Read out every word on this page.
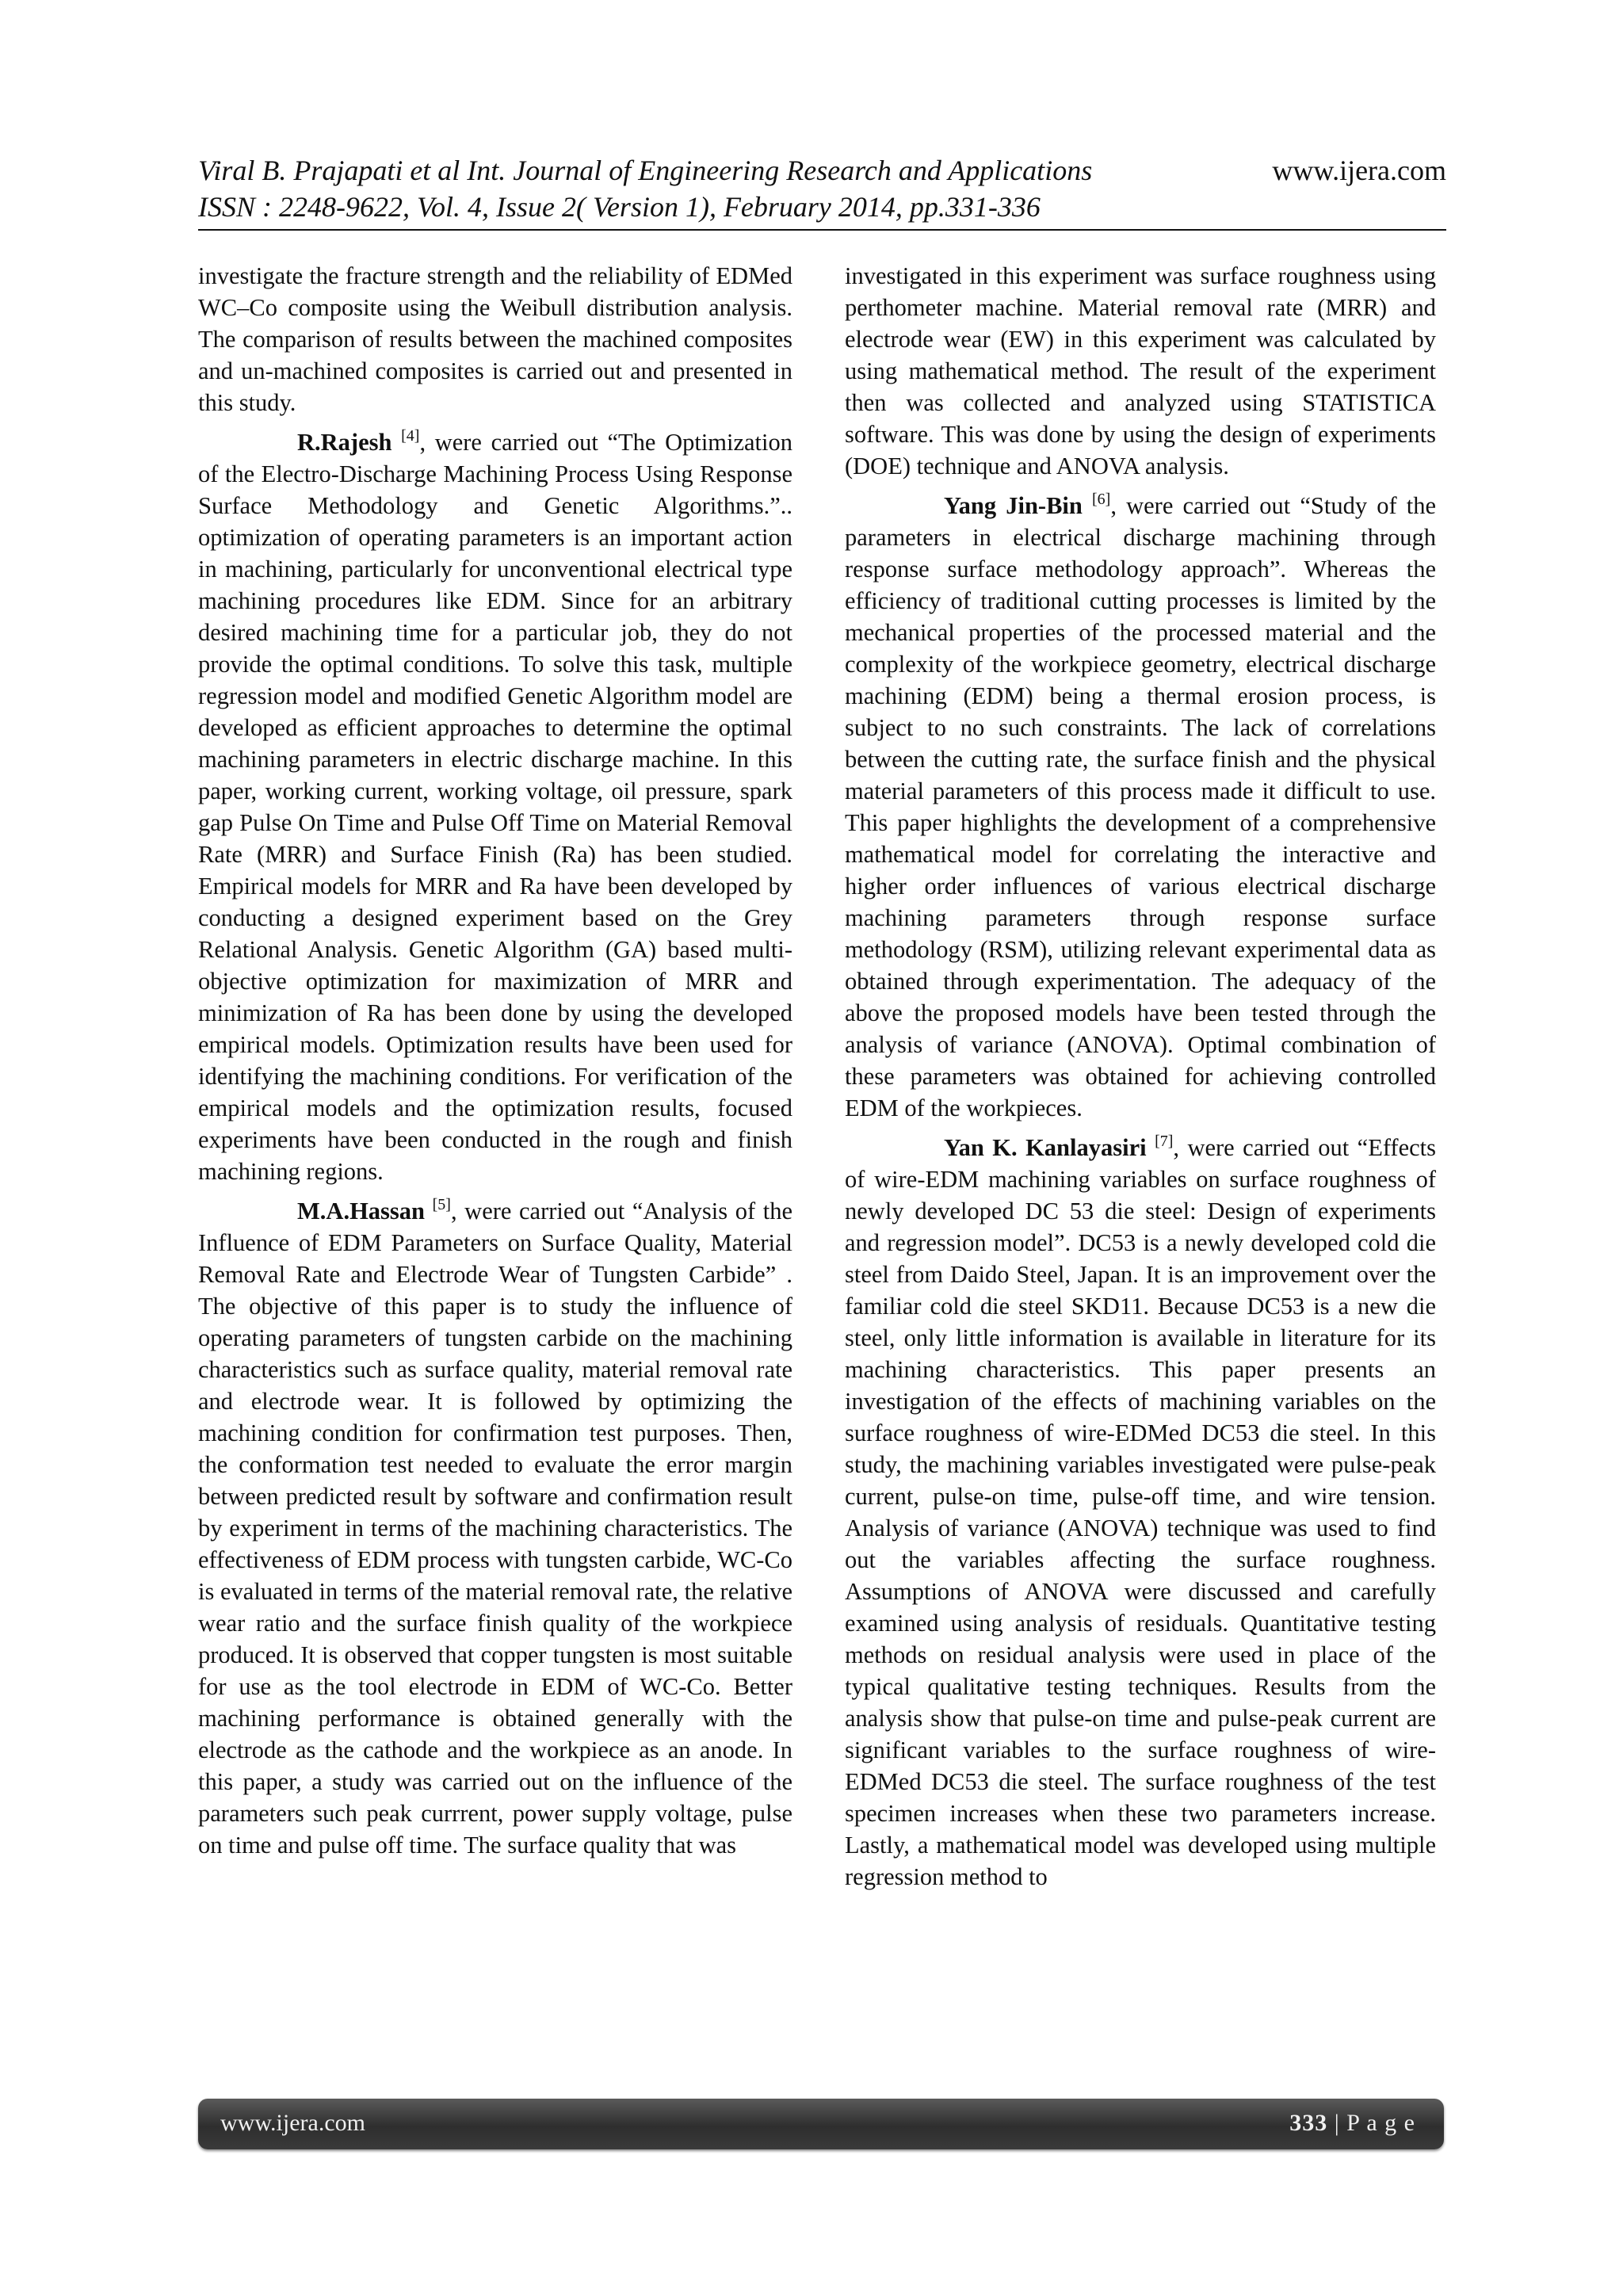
Viral B. Prajapati et al Int. Journal of Engineering Research and Applications	www.ijera.com
ISSN : 2248-9622, Vol. 4, Issue 2( Version 1), February 2014, pp.331-336

investigate the fracture strength and the reliability of EDMed WC–Co composite using the Weibull distribution analysis. The comparison of results between the machined composites and un-machined composites is carried out and presented in this study.

R.Rajesh [4], were carried out “The Optimization of the Electro-Discharge Machining Process Using Response Surface Methodology and Genetic Algorithms.”.. optimization of operating parameters is an important action in machining, particularly for unconventional electrical type machining procedures like EDM. Since for an arbitrary desired machining time for a particular job, they do not provide the optimal conditions. To solve this task, multiple regression model and modified Genetic Algorithm model are developed as efficient approaches to determine the optimal machining parameters in electric discharge machine. In this paper, working current, working voltage, oil pressure, spark gap Pulse On Time and Pulse Off Time on Material Removal Rate (MRR) and Surface Finish (Ra) has been studied. Empirical models for MRR and Ra have been developed by conducting a designed experiment based on the Grey Relational Analysis. Genetic Algorithm (GA) based multi-objective optimization for maximization of MRR and minimization of Ra has been done by using the developed empirical models. Optimization results have been used for identifying the machining conditions. For verification of the empirical models and the optimization results, focused experiments have been conducted in the rough and finish machining regions.

M.A.Hassan [5], were carried out “Analysis of the Influence of EDM Parameters on Surface Quality, Material Removal Rate and Electrode Wear of Tungsten Carbide” . The objective of this paper is to study the influence of operating parameters of tungsten carbide on the machining characteristics such as surface quality, material removal rate and electrode wear. It is followed by optimizing the machining condition for confirmation test purposes. Then, the conformation test needed to evaluate the error margin between predicted result by software and confirmation result by experiment in terms of the machining characteristics. The effectiveness of EDM process with tungsten carbide, WC-Co is evaluated in terms of the material removal rate, the relative wear ratio and the surface finish quality of the workpiece produced. It is observed that copper tungsten is most suitable for use as the tool electrode in EDM of WC-Co. Better machining performance is obtained generally with the electrode as the cathode and the workpiece as an anode. In this paper, a study was carried out on the influence of the parameters such peak currrent, power supply voltage, pulse on time and pulse off time. The surface quality that was

investigated in this experiment was surface roughness using perthometer machine. Material removal rate (MRR) and electrode wear (EW) in this experiment was calculated by using mathematical method. The result of the experiment then was collected and analyzed using STATISTICA software. This was done by using the design of experiments (DOE) technique and ANOVA analysis.

Yang Jin-Bin [6], were carried out “Study of the parameters in electrical discharge machining through response surface methodology approach”. Whereas the efficiency of traditional cutting processes is limited by the mechanical properties of the processed material and the complexity of the workpiece geometry, electrical discharge machining (EDM) being a thermal erosion process, is subject to no such constraints. The lack of correlations between the cutting rate, the surface finish and the physical material parameters of this process made it difficult to use. This paper highlights the development of a comprehensive mathematical model for correlating the interactive and higher order influences of various electrical discharge machining parameters through response surface methodology (RSM), utilizing relevant experimental data as obtained through experimentation. The adequacy of the above the proposed models have been tested through the analysis of variance (ANOVA). Optimal combination of these parameters was obtained for achieving controlled EDM of the workpieces.

Yan K. Kanlayasiri [7], were carried out “Effects of wire-EDM machining variables on surface roughness of newly developed DC 53 die steel: Design of experiments and regression model”. DC53 is a newly developed cold die steel from Daido Steel, Japan. It is an improvement over the familiar cold die steel SKD11. Because DC53 is a new die steel, only little information is available in literature for its machining characteristics. This paper presents an investigation of the effects of machining variables on the surface roughness of wire-EDMed DC53 die steel. In this study, the machining variables investigated were pulse-peak current, pulse-on time, pulse-off time, and wire tension. Analysis of variance (ANOVA) technique was used to find out the variables affecting the surface roughness. Assumptions of ANOVA were discussed and carefully examined using analysis of residuals. Quantitative testing methods on residual analysis were used in place of the typical qualitative testing techniques. Results from the analysis show that pulse-on time and pulse-peak current are significant variables to the surface roughness of wire-EDMed DC53 die steel. The surface roughness of the test specimen increases when these two parameters increase. Lastly, a mathematical model was developed using multiple regression method to

www.ijera.com	333 | P a g e
